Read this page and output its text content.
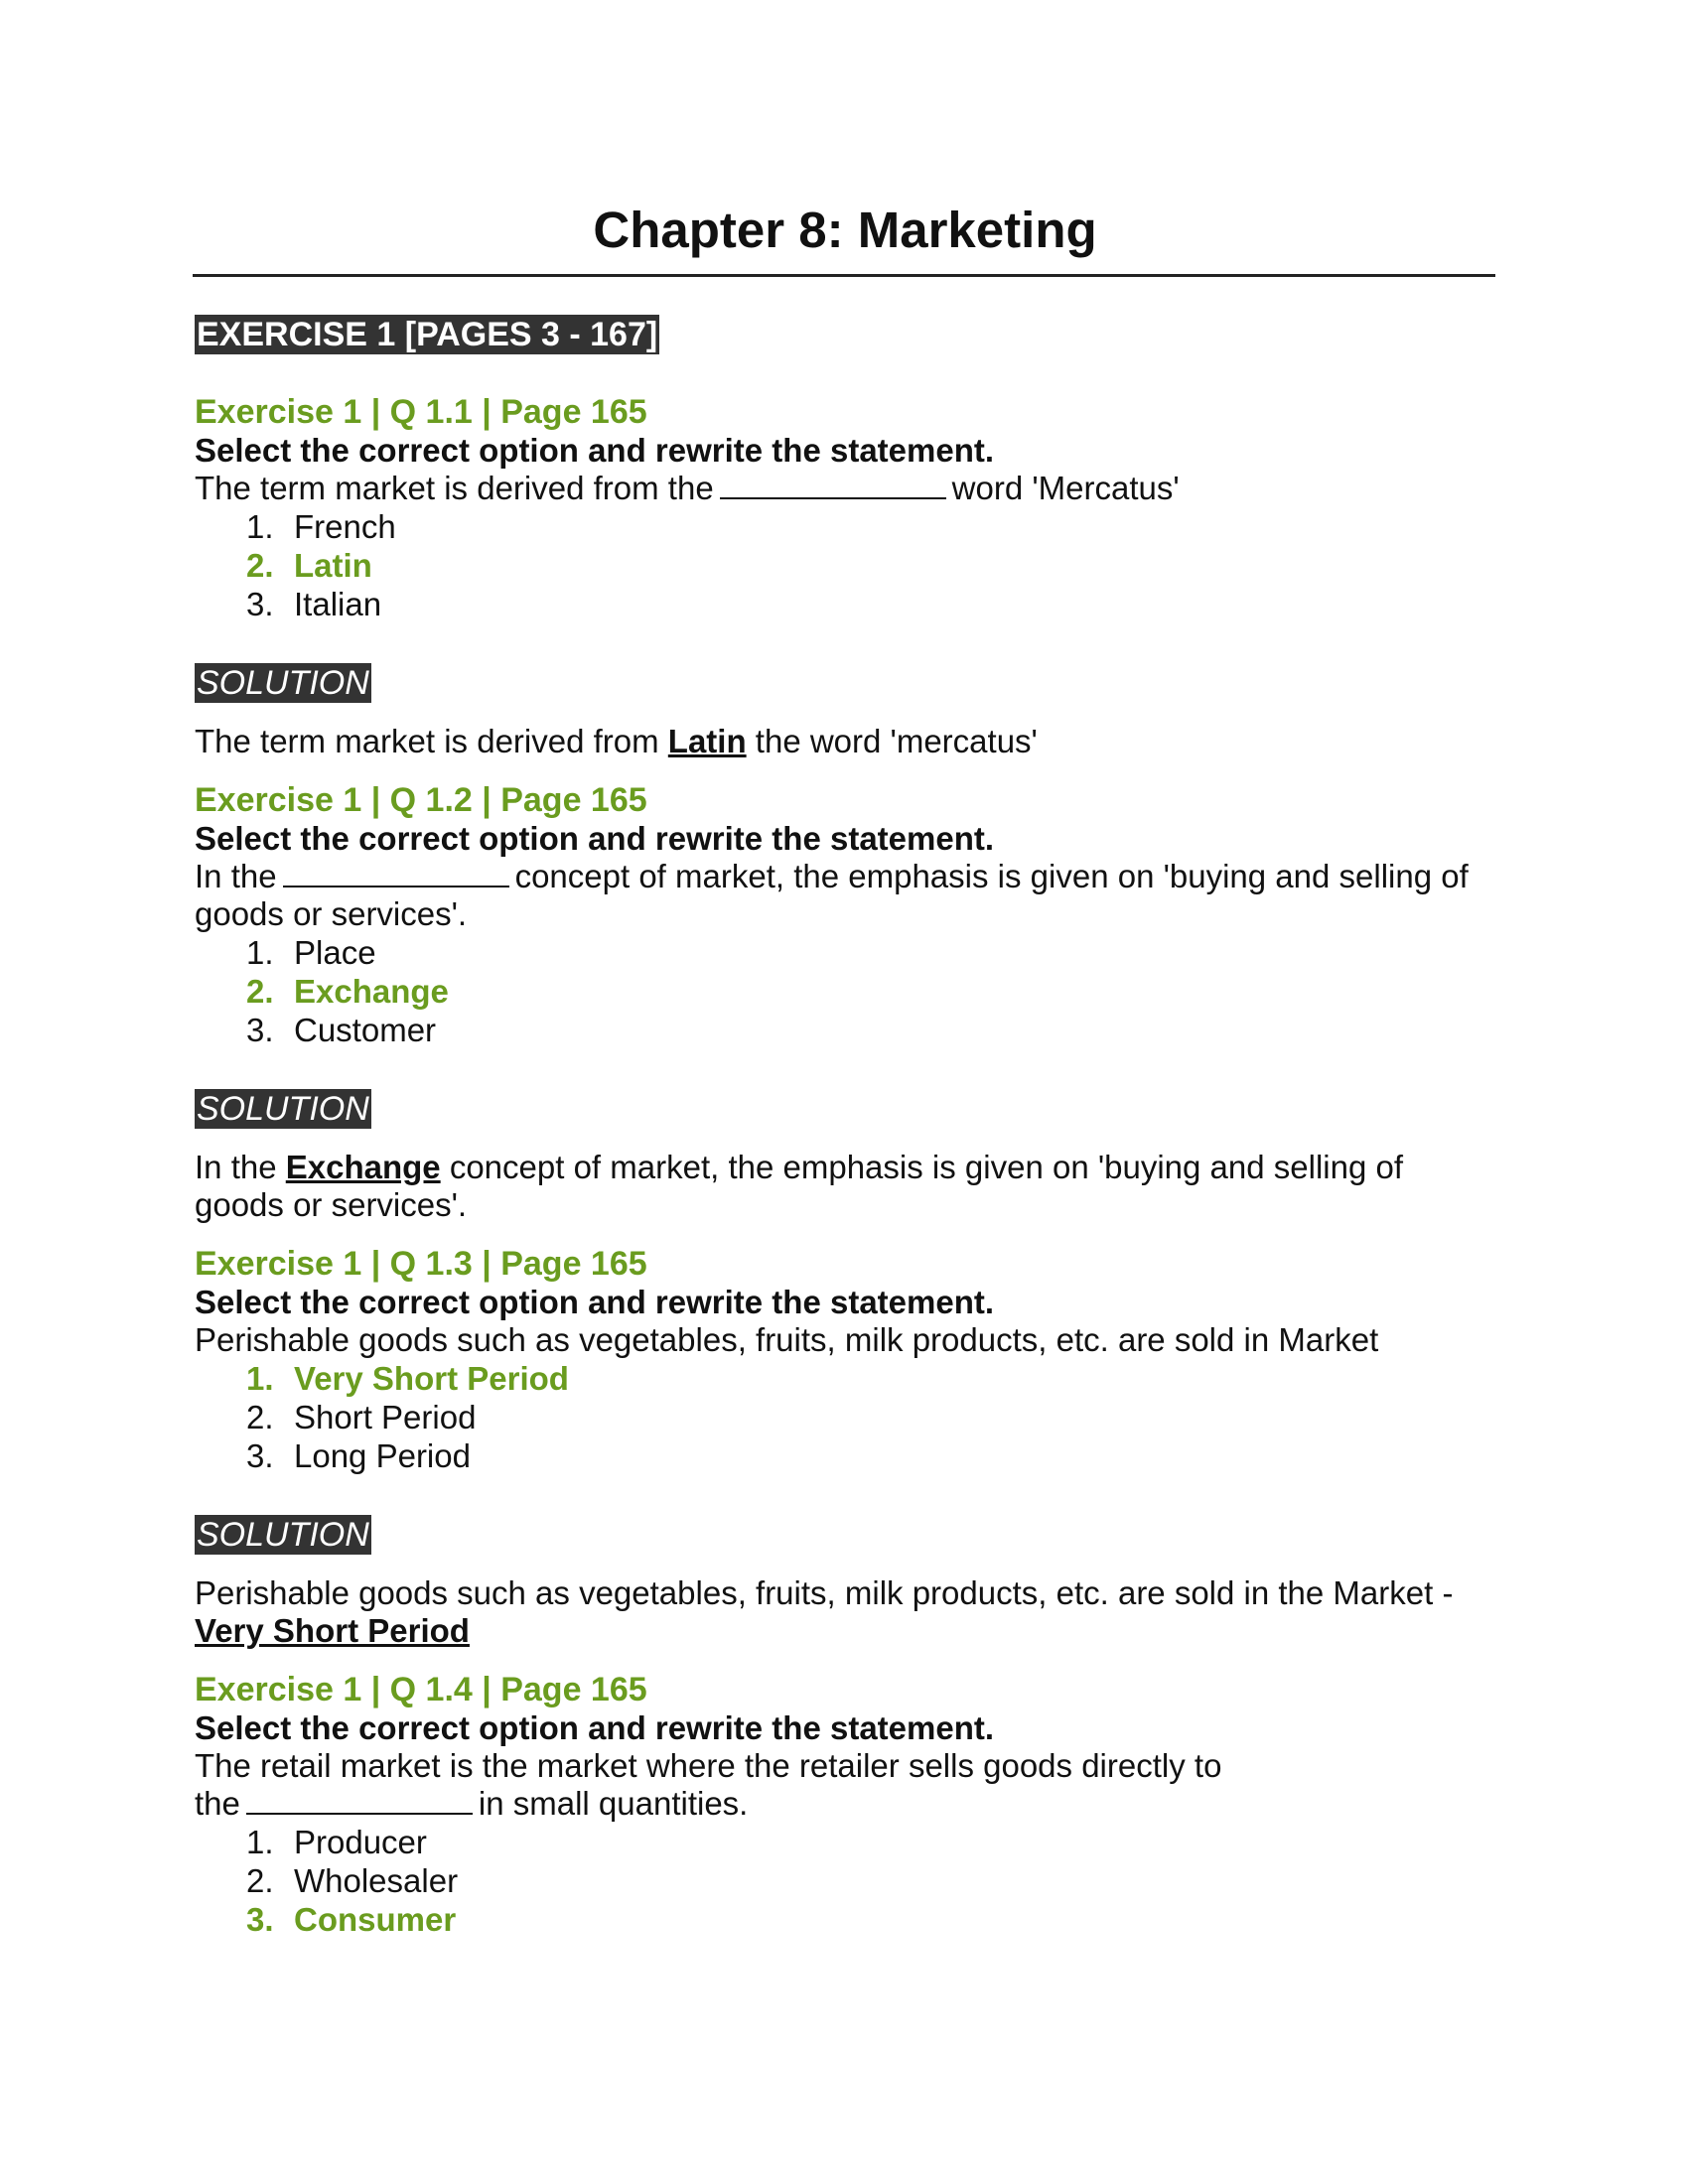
Chapter 8: Marketing
EXERCISE 1 [PAGES 3 - 167]
Exercise 1 | Q 1.1 | Page 165
Select the correct option and rewrite the statement.
The term market is derived from the	word 'Mercatus'
1. French
2. Latin
3. Italian
SOLUTION
The term market is derived from Latin the word 'mercatus'
Exercise 1 | Q 1.2 | Page 165
Select the correct option and rewrite the statement.
In the	concept of market, the emphasis is given on 'buying and selling of goods or services'.
1. Place
2. Exchange
3. Customer
SOLUTION
In the Exchange concept of market, the emphasis is given on 'buying and selling of goods or services'.
Exercise 1 | Q 1.3 | Page 165
Select the correct option and rewrite the statement.
Perishable goods such as vegetables, fruits, milk products, etc. are sold in Market
1. Very Short Period
2. Short Period
3. Long Period
SOLUTION
Perishable goods such as vegetables, fruits, milk products, etc. are sold in the Market - Very Short Period
Exercise 1 | Q 1.4 | Page 165
Select the correct option and rewrite the statement.
The retail market is the market where the retailer sells goods directly to the	in small quantities.
1. Producer
2. Wholesaler
3. Consumer
